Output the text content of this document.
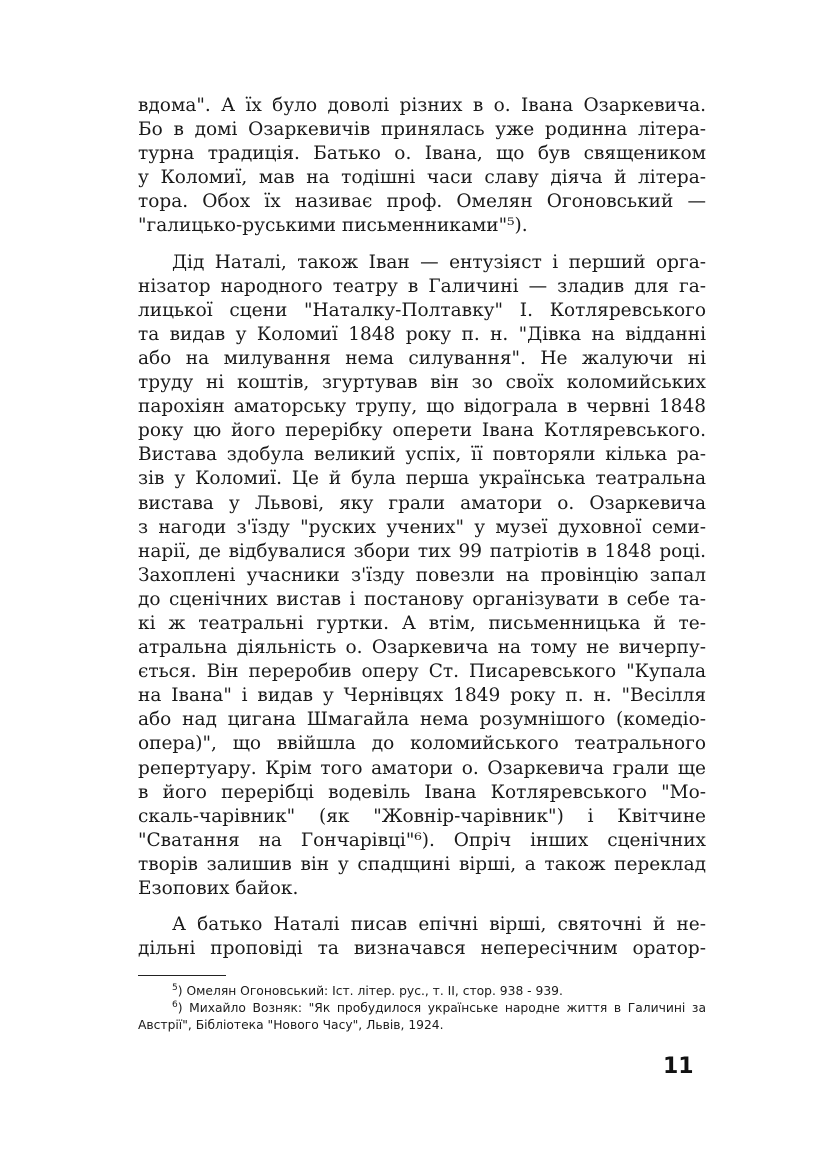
вдома". А їх було доволі різних в о. Івана Озаркевича.
Бо в домі Озаркевичів принялась уже родинна літера-
турна традиція. Батько о. Івана, що був священиком
у Коломиї, мав на тодішні часи славу діяча й літера-
тора. Обох їх називає проф. Омелян Огоновський —
"галицько-руськими письменниками"⁵).
Дід Наталі, також Іван — ентузіяст і перший орга-
нізатор народного театру в Галичині — зладив для га-
лицької сцени "Наталку-Полтавку" І. Котляревського
та видав у Коломиї 1848 року п. н. "Дівка на відданні
або на милування нема силування". Не жалуючи ні
труду ні коштів, згуртував він зо своїх коломийських
парохіян аматорську трупу, що відограла в червні 1848
року цю його перерібку оперети Івана Котляревського.
Вистава здобула великий успіх, її повторяли кілька ра-
зів у Коломиї. Це й була перша українська театральна
вистава у Львові, яку грали аматори о. Озаркевича
з нагоди з'їзду "руских учених" у музеї духовної семи-
нарії, де відбувалися збори тих 99 патріотів в 1848 році.
Захоплені учасники з'їзду повезли на провінцію запал
до сценічних вистав і постанову організувати в себе та-
кі ж театральні гуртки. А втім, письменницька й те-
атральна діяльність о. Озаркевича на тому не вичерпу-
ється. Він переробив оперу Ст. Писаревського "Купала
на Івана" і видав у Чернівцях 1849 року п. н. "Весілля
або над цигана Шмагайла нема розумнішого (комедіо-
опера)", що ввійшла до коломийського театрального
репертуару. Крім того аматори о. Озаркевича грали ще
в його перерібці водевіль Івана Котляревського "Мо-
скаль-чарівник" (як "Жовнір-чарівник") і Квітчине
"Сватання на Гончарівці"⁶). Опріч інших сценічних
творів залишив він у спадщині вірші, а також переклад
Езопових байок.
А батько Наталі писав епічні вірші, святочні й не-
дільні проповіді та визначався непересічним оратор-
$^5$) Омелян Огоновський: Іст. літер. рус., т. ІІ, стор. 938 - 939.
$^6$) Михайло Возняк: "Як пробудилося українське народне життя в Галичині за Австрії", Бібліотека "Нового Часу", Львів, 1924.
11
